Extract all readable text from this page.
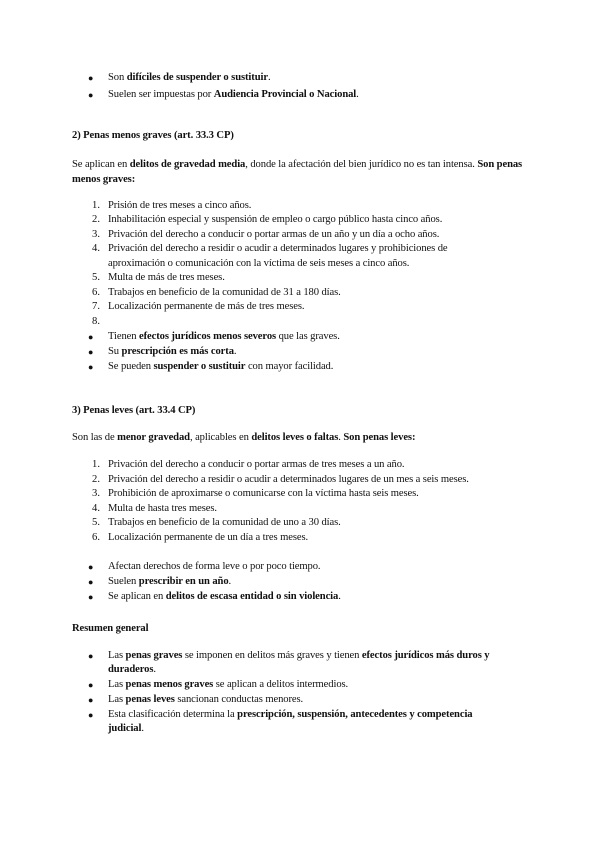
● Son difíciles de suspender o sustituir.
● Suelen ser impuestas por Audiencia Provincial o Nacional.
2) Penas menos graves (art. 33.3 CP)
Se aplican en delitos de gravedad media, donde la afectación del bien jurídico no es tan intensa. Son penas menos graves:
1. Prisión de tres meses a cinco años.
2. Inhabilitación especial y suspensión de empleo o cargo público hasta cinco años.
3. Privación del derecho a conducir o portar armas de un año y un día a ocho años.
4. Privación del derecho a residir o acudir a determinados lugares y prohibiciones de
aproximación o comunicación con la víctima de seis meses a cinco años.
5. Multa de más de tres meses.
6. Trabajos en beneficio de la comunidad de 31 a 180 días.
7. Localización permanente de más de tres meses.
8.
● Tienen efectos jurídicos menos severos que las graves.
● Su prescripción es más corta.
● Se pueden suspender o sustituir con mayor facilidad.
3) Penas leves (art. 33.4 CP)
Son las de menor gravedad, aplicables en delitos leves o faltas. Son penas leves:
1. Privación del derecho a conducir o portar armas de tres meses a un año.
2. Privación del derecho a residir o acudir a determinados lugares de un mes a seis meses.
3. Prohibición de aproximarse o comunicarse con la víctima hasta seis meses.
4. Multa de hasta tres meses.
5. Trabajos en beneficio de la comunidad de uno a 30 días.
6. Localización permanente de un día a tres meses.
● Afectan derechos de forma leve o por poco tiempo.
● Suelen prescribir en un año.
● Se aplican en delitos de escasa entidad o sin violencia.
Resumen general
● Las penas graves se imponen en delitos más graves y tienen efectos jurídicos más duros y
duraderos.
● Las penas menos graves se aplican a delitos intermedios.
● Las penas leves sancionan conductas menores.
● Esta clasificación determina la prescripción, suspensión, antecedentes y competencia
judicial.
